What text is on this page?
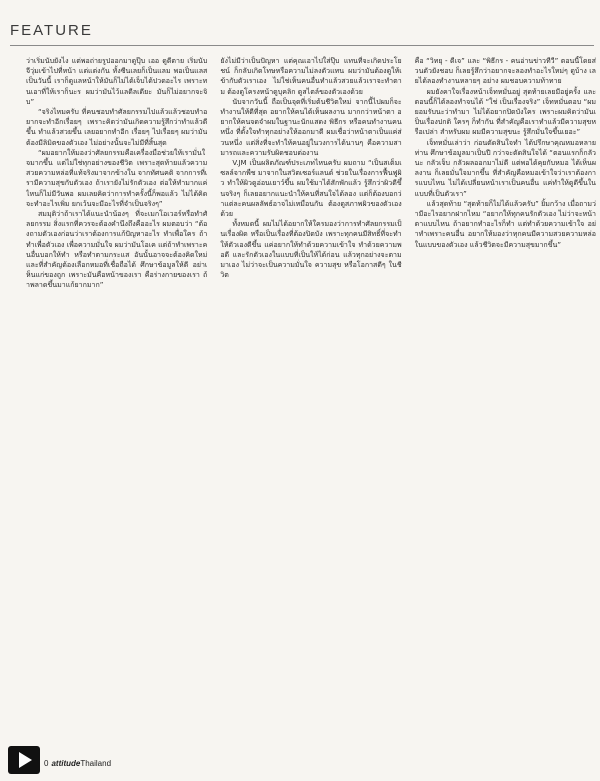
FEATURE

ว่าเริ่มนับยังไง แต่พอถ่ายรูปออกมาดูปุ๊บ เออ ดูดีตาย เริ่มนับจีวุ่มเข้าไปที่หน้า แต่แต่งกัน ทั้งซีนเลยก็เป็นแลม พอเป็นแลสเป็นวันนี้ เราก็ดูแลหน้าให้มันก็ไม่ได้เจ็บได้ปวดอะไร เพราะทนเอาที่ให้เราก็นะร ผมว่ามันไว้แลดีลเดียะ มันก็ไม่อยากจะจิบ”
“จริงไหมครับ ที่คนชอบทำศัลยกรรมไปแล้วแล้วชอบทำอยากจะทำอีกเรื่อยๆ เพราะคิดว่ามันเกิดความรู้สึกว่าทำแล้วดีขึ้น ทำแล้วสวยขึ้น เลยอยากทำอีก เรื่อยๆ ไปเรื่อยๆ ผมว่ามันต้องมีลิมิตของตัวเอง ไม่อย่างนั้นจะไม่มีที่สิ้นสุด
“ผมอยากให้มองว่าศัลยกรรมคือเครื่องมือช่วยให้เรามั่นใจมากขึ้น แต่ไม่ใช่ทุกอย่างของชีวิต เพราะสุดท้ายแล้วความสวยความหล่อที่แท้จริงมาจากข้างใน จากทัศนคติ จากการที่เรามีความสุขกับตัวเอง ถ้าเรายังไม่รักตัวเอง ต่อให้ทำมากแค่ไหนก็ไม่มีวันพอ ผมเลยคิดว่าการทำครั้งนี้ก็พอแล้ว ไม่ได้คิดจะทำอะไรเพิ่ม ยกเว้นจะมีอะไรที่จำเป็นจริงๆ”
สมมุติว่าถ้าเราได้แนะนำน้องๆ ที่จะเมกโอเวอร์หรือทำศัลยกรรม สิ่งแรกที่ควรจะต้องคำนึงถึงคืออะไร ผมตอบว่า “ต้องถามตัวเองก่อนว่าเราต้องการแก้ปัญหาอะไร ทำเพื่อใคร ถ้าทำเพื่อตัวเอง เพื่อความมั่นใจ ผมว่ามันโอเค แต่ถ้าทำเพราะคนอื่นบอกให้ทำ หรือทำตามกระแส อันนั้นอาจจะต้องคิดใหม่ และที่สำคัญต้องเลือกหมอที่เชื่อถือได้ ศึกษาข้อมูลให้ดี อย่าเห็นแก่ของถูก เพราะมันคือหน้าของเรา คือร่างกายของเรา ถ้าพลาดขึ้นมาแก้ยากมาก”

ยังไม่มีว่าเป็นปัญหา แต่คุณเอาไปใส่ปุ๊บ แทนที่จะเกิดประโยชน์ ก็กลับเกิดโทษหรือความไม่ลงตัวแทน ผมว่ามันต้องดูให้เข้ากับตัวเราเอง ไม่ใช่เห็นคนอื่นทำแล้วสวยแล้วเราจะทำตาม ต้องดูโครงหน้าดูบุคลิก ดูสไตล์ของตัวเองด้วย
นับจากวันนี้ ถือเป็นจุดที่เริ่มต้นชีวิตใหม่ จากนี้ไปผมก็จะทำงานให้ดีที่สุด อยากให้คนได้เห็นผลงาน มากกว่าหน้าตา อยากให้คนจดจำผมในฐานะนักแสดง พิธีกร หรือคนทำงานคนหนึ่ง ที่ตั้งใจทำทุกอย่างให้ออกมาดี ผมเชื่อว่าหน้าตาเป็นแค่ส่วนหนึ่ง แต่สิ่งที่จะทำให้คนอยู่ในวงการได้นานๆ คือความสามารถและความรับผิดชอบต่องาน
V.JM เป็นผลิตภัณฑ์ประเภทไหนครับ ผมถาม “เป็นสเต็มเซลล์จากพืช มาจากในสวิตเซอร์แลนด์ ช่วยในเรื่องการฟื้นฟูผิว ทำให้ผิวดูอ่อนเยาว์ขึ้น ผมใช้มาได้สักพักแล้ว รู้สึกว่าผิวดีขึ้นจริงๆ ก็เลยอยากแนะนำให้คนที่สนใจได้ลอง แต่ก็ต้องบอกว่าแต่ละคนผลลัพธ์อาจไม่เหมือนกัน ต้องดูสภาพผิวของตัวเองด้วย
ทั้งหมดนี้ ผมไม่ได้อยากให้ใครมองว่าการทำศัลยกรรมเป็นเรื่องผิด หรือเป็นเรื่องที่ต้องปิดบัง เพราะทุกคนมีสิทธิ์ที่จะทำให้ตัวเองดีขึ้น แค่อยากให้ทำด้วยความเข้าใจ ทำด้วยความพอดี และรักตัวเองในแบบที่เป็นให้ได้ก่อน แล้วทุกอย่างจะตามมาเอง ไม่ว่าจะเป็นความมั่นใจ ความสุข หรือโอกาสดีๆ ในชีวิต

คือ “วิทยุ - ดีเจ” และ “พิธีกร - คนอ่านข่าวทีวี” ตอนนี้โดยส่วนตัวยังชอบ ก็เลยรู้สึกว่าอยากจะลองทำอะไรใหม่ๆ ดูบ้าง เลยได้ลองทำงานหลายๆ อย่าง ผมชอบความท้าทาย
ผมยังคาใจเรื่องหน้าเจ็ทหมั่นอยู่ สุดท้ายเลยมีอยู่ครั้ง และตอนนี้ก็ได้ลองทำจนได้ “ใช่ เป็นเรื่องจริง” เจ็ทหมั่นตอบ “ผมยอมรับนะว่าทำมา ไม่ได้อยากปิดบังใคร เพราะผมคิดว่ามันเป็นเรื่องปกติ ใครๆ ก็ทำกัน ที่สำคัญคือเราทำแล้วมีความสุขหรือเปล่า สำหรับผม ผมมีความสุขนะ รู้สึกมั่นใจขึ้นเยอะ”
เจ็ทหมั่นเล่าว่า ก่อนตัดสินใจทำ ได้ปรึกษาคุณหมอหลายท่าน ศึกษาข้อมูลมาเป็นปี กว่าจะตัดสินใจได้ “ตอนแรกก็กลัวนะ กลัวเจ็บ กลัวผลออกมาไม่ดี แต่พอได้คุยกับหมอ ได้เห็นผลงาน ก็เลยมั่นใจมากขึ้น ที่สำคัญคือหมอเข้าใจว่าเราต้องการแบบไหน ไม่ได้เปลี่ยนหน้าเราเป็นคนอื่น แค่ทำให้ดูดีขึ้นในแบบที่เป็นตัวเรา”
แล้วสุดท้าย “สุดท้ายก็ไม่ได้แล้วครับ” ยิ้มกว้าง เมื่อถามว่ามีอะไรอยากฝากไหม “อยากให้ทุกคนรักตัวเอง ไม่ว่าจะหน้าตาแบบไหน ถ้าอยากทำอะไรก็ทำ แต่ทำด้วยความเข้าใจ อย่าทำเพราะคนอื่น อยากให้มองว่าทุกคนมีความสวยความหล่อในแบบของตัวเอง แล้วชีวิตจะมีความสุขมากขึ้น”

0 attitudeThailand
